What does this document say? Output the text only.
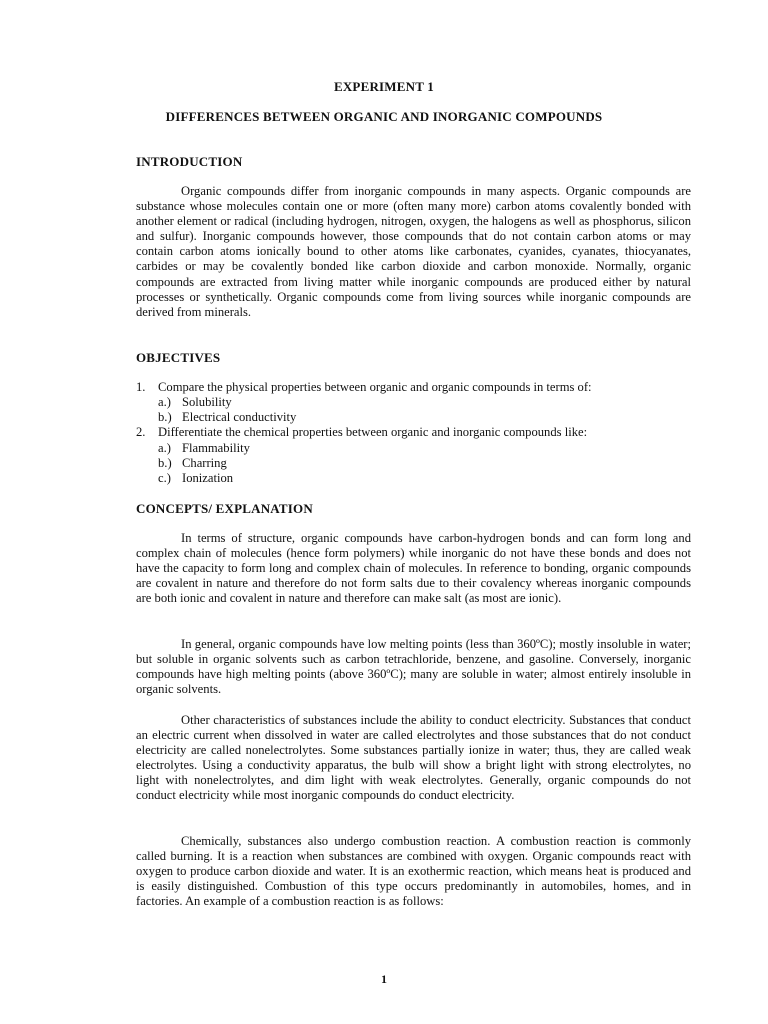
EXPERIMENT 1
DIFFERENCES BETWEEN ORGANIC AND INORGANIC COMPOUNDS
INTRODUCTION

Organic compounds differ from inorganic compounds in many aspects. Organic compounds are substance whose molecules contain one or more (often many more) carbon atoms covalently bonded with another element or radical (including hydrogen, nitrogen, oxygen, the halogens as well as phosphorus, silicon and sulfur). Inorganic compounds however, those compounds that do not contain carbon atoms or may contain carbon atoms ionically bound to other atoms like carbonates, cyanides, cyanates, thiocyanates, carbides or may be covalently bonded like carbon dioxide and carbon monoxide. Normally, organic compounds are extracted from living matter while inorganic compounds are produced either by natural processes or synthetically. Organic compounds come from living sources while inorganic compounds are derived from minerals.

OBJECTIVES
1. Compare the physical properties between organic and organic compounds in terms of:
a.) Solubility
b.) Electrical conductivity
2. Differentiate the chemical properties between organic and inorganic compounds like:
a.) Flammability
b.) Charring
c.) Ionization
CONCEPTS/ EXPLANATION

In terms of structure, organic compounds have carbon-hydrogen bonds and can form long and complex chain of molecules (hence form polymers) while inorganic do not have these bonds and does not have the capacity to form long and complex chain of molecules. In reference to bonding, organic compounds are covalent in nature and therefore do not form salts due to their covalency whereas inorganic compounds are both ionic and covalent in nature and therefore can make salt (as most are ionic).

In general, organic compounds have low melting points (less than 360ºC); mostly insoluble in water; but soluble in organic solvents such as carbon tetrachloride, benzene, and gasoline. Conversely, inorganic compounds have high melting points (above 360ºC); many are soluble in water; almost entirely insoluble in organic solvents.

Other characteristics of substances include the ability to conduct electricity. Substances that conduct an electric current when dissolved in water are called electrolytes and those substances that do not conduct electricity are called nonelectrolytes. Some substances partially ionize in water; thus, they are called weak electrolytes. Using a conductivity apparatus, the bulb will show a bright light with strong electrolytes, no light with nonelectrolytes, and dim light with weak electrolytes. Generally, organic compounds do not conduct electricity while most inorganic compounds do conduct electricity.

Chemically, substances also undergo combustion reaction. A combustion reaction is commonly called burning. It is a reaction when substances are combined with oxygen. Organic compounds react with oxygen to produce carbon dioxide and water. It is an exothermic reaction, which means heat is produced and is easily distinguished. Combustion of this type occurs predominantly in automobiles, homes, and in factories. An example of a combustion reaction is as follows:

1
